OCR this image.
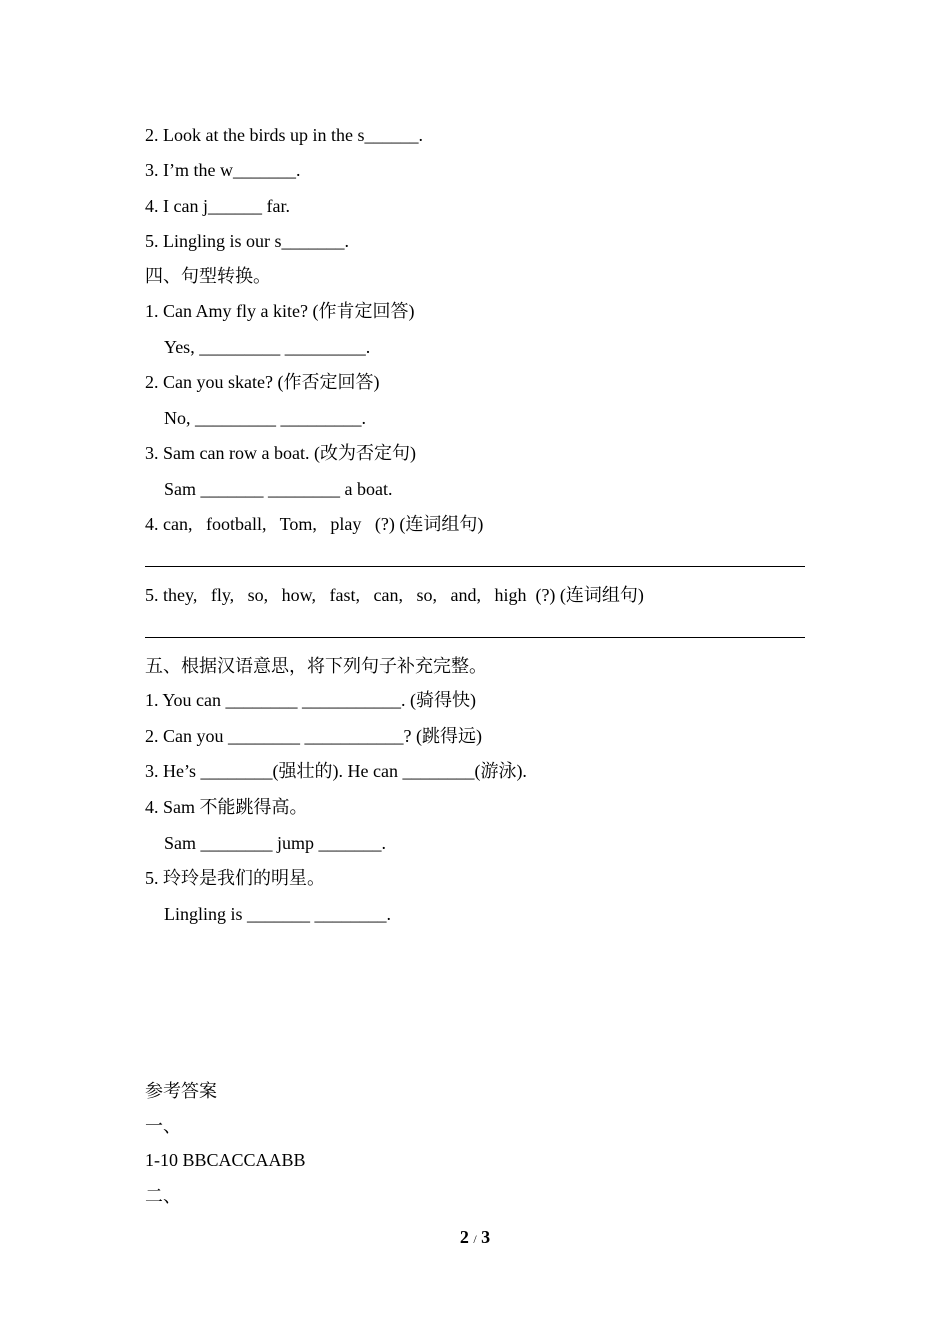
2. Look at the birds up in the s______.
3. I’m the w_______.
4. I can j______ far.
5. Lingling is our s_______.
四、句型转换。
1. Can Amy fly a kite? (作肯定回答)
Yes, _________ _________.
2. Can you skate? (作否定回答)
No, _________ _________.
3. Sam can row a boat. (改为否定句)
Sam _______ ________ a boat.
4. can,   football,   Tom,   play   (?) (连词组句)
5. they,   fly,   so,   how,   fast,   can,   so,   and,   high  (?) (连词组句)
五、根据汉语意思，将下列句子补充完整。
1. You can ________ ___________. (骑得快)
2. Can you ________ ___________? (跳得远)
3. He’s ________(强壮的). He can ________(游泳).
4. Sam 不能跳得高。
Sam ________ jump _______.
5. 玲玲是我们的明星。
Lingling is _______ ________.
参考答案
一、
1-10 BBCACCAABB
二、
2 / 3
